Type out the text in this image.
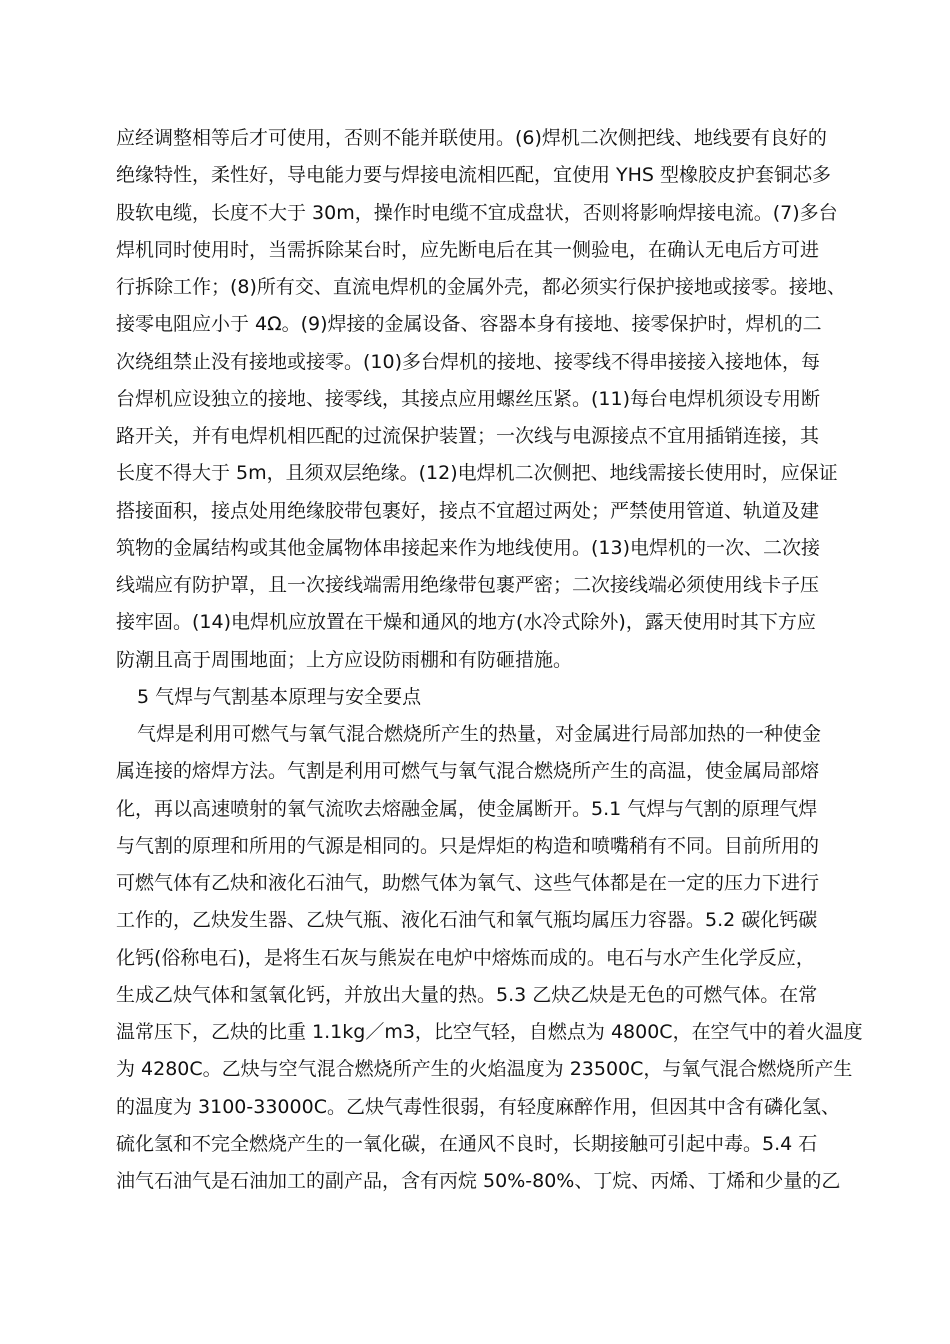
应经调整相等后才可使用，否则不能并联使用。(6)焊机二次侧把线、地线要有良好的
绝缘特性，柔性好，导电能力要与焊接电流相匹配，宜使用 YHS 型橡胶皮护套铜芯多
股软电缆，长度不大于 30m，操作时电缆不宜成盘状，否则将影响焊接电流。(7)多台
焊机同时使用时，当需拆除某台时，应先断电后在其一侧验电，在确认无电后方可进
行拆除工作；(8)所有交、直流电焊机的金属外壳，都必须实行保护接地或接零。接地、
接零电阻应小于 4Ω。(9)焊接的金属设备、容器本身有接地、接零保护时，焊机的二
次绕组禁止没有接地或接零。(10)多台焊机的接地、接零线不得串接接入接地体，每
台焊机应设独立的接地、接零线，其接点应用螺丝压紧。(11)每台电焊机须设专用断
路开关，并有电焊机相匹配的过流保护装置；一次线与电源接点不宜用插销连接，其
长度不得大于 5m，且须双层绝缘。(12)电焊机二次侧把、地线需接长使用时，应保证
搭接面积，接点处用绝缘胶带包裹好，接点不宜超过两处；严禁使用管道、轨道及建
筑物的金属结构或其他金属物体串接起来作为地线使用。(13)电焊机的一次、二次接
线端应有防护罩，且一次接线端需用绝缘带包裹严密；二次接线端必须使用线卡子压
接牢固。(14)电焊机应放置在干燥和通风的地方(水冷式除外)，露天使用时其下方应
防潮且高于周围地面；上方应设防雨棚和有防砸措施。
5 气焊与气割基本原理与安全要点
气焊是利用可燃气与氧气混合燃烧所产生的热量，对金属进行局部加热的一种使金
属连接的熔焊方法。气割是利用可燃气与氧气混合燃烧所产生的高温，使金属局部熔
化，再以高速喷射的氧气流吹去熔融金属，使金属断开。5.1 气焊与气割的原理气焊
与气割的原理和所用的气源是相同的。只是焊炬的构造和喷嘴稍有不同。目前所用的
可燃气体有乙炔和液化石油气，助燃气体为氧气、这些气体都是在一定的压力下进行
工作的，乙炔发生器、乙炔气瓶、液化石油气和氧气瓶均属压力容器。5.2 碳化钙碳
化钙(俗称电石)，是将生石灰与熊炭在电炉中熔炼而成的。电石与水产生化学反应，
生成乙炔气体和氢氧化钙，并放出大量的热。5.3 乙炔乙炔是无色的可燃气体。在常
温常压下，乙炔的比重 1.1kg／m3，比空气轻，自燃点为 4800C，在空气中的着火温度
为 4280C。乙炔与空气混合燃烧所产生的火焰温度为 23500C，与氧气混合燃烧所产生
的温度为 3100-33000C。乙炔气毒性很弱，有轻度麻醉作用，但因其中含有磷化氢、
硫化氢和不完全燃烧产生的一氧化碳，在通风不良时，长期接触可引起中毒。5.4 石
油气石油气是石油加工的副产品，含有丙烷 50%-80%、丁烷、丙烯、丁烯和少量的乙
